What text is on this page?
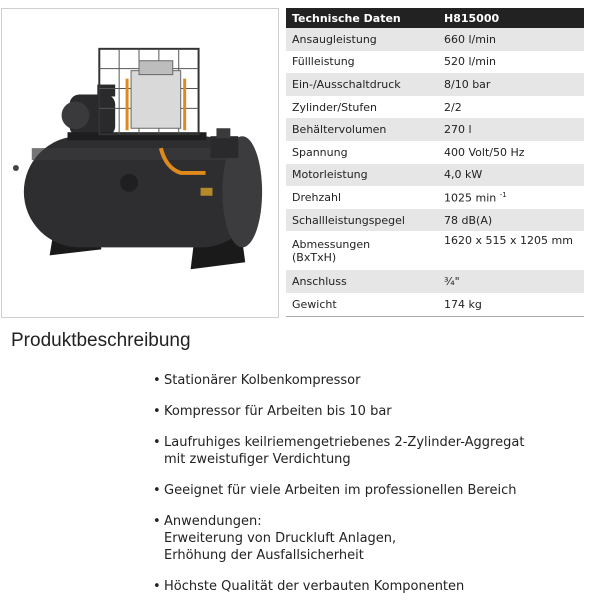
Technische Daten	H815000
Ansaugleistung	660 l/min
Füllleistung	520 l/min
Ein-/Ausschaltdruck	8/10 bar
Zylinder/Stufen	2/2
Behältervolumen	270 l
Spannung	400 Volt/50 Hz
Motorleistung	4,0 kW
Drehzahl	1025 min $^{-1}$
Schallleistungspegel	78 dB(A)

Abmessungen
(BxTxH)	1620 x 515 x 1205 mm
Anschluss	¾"
Gewicht	174 kg
Produktbeschreibung
• Stationärer Kolbenkompressor
• Kompressor für Arbeiten bis 10 bar
• Laufruhiges keilriemengetriebenes 2-Zylinder-Aggregat
mit zweistufiger Verdichtung
• Geeignet für viele Arbeiten im professionellen Bereich
• Anwendungen:
Erweiterung von Druckluft Anlagen,
Erhöhung der Ausfallsicherheit
• Höchste Qualität der verbauten Komponenten
